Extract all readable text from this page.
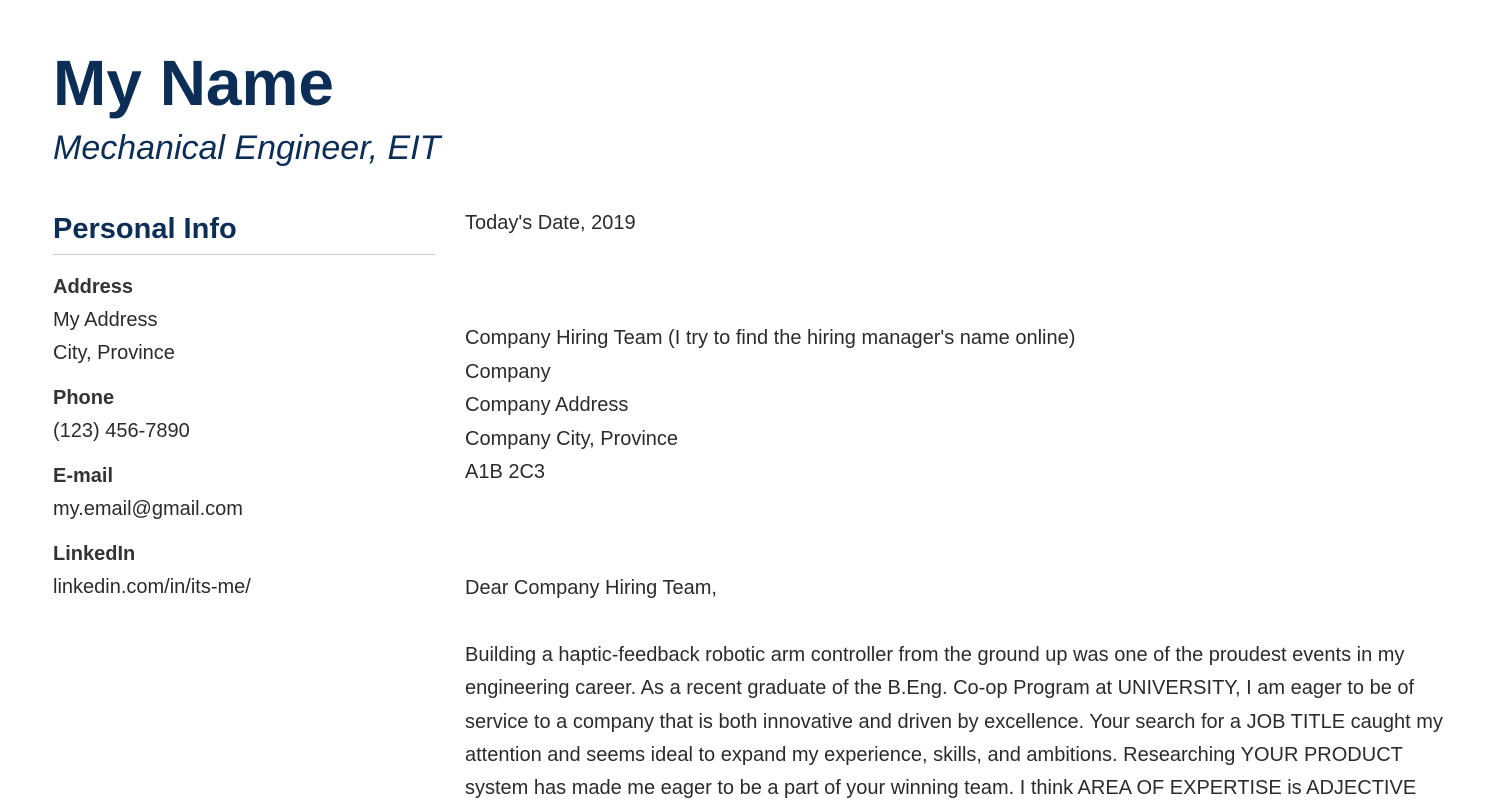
My Name
Mechanical Engineer, EIT
Personal Info

Address

My Address

City, Province

Phone

(123) 456-7890

E-mail

my.email@gmail.com

LinkedIn

linkedin.com/in/its-me/

Today's Date, 2019

Company Hiring Team (I try to find the hiring manager's name online)

Company

Company Address

Company City, Province

A1B 2C3

Dear Company Hiring Team,

Building a haptic-feedback robotic arm controller from the ground up was one of the proudest events in my engineering career. As a recent graduate of the B.Eng. Co-op Program at UNIVERSITY, I am eager to be of service to a company that is both innovative and driven by excellence. Your search for a JOB TITLE caught my attention and seems ideal to expand my experience, skills, and ambitions. Researching YOUR PRODUCT system has made me eager to be a part of your winning team. I think AREA OF EXPERTISE is ADJECTIVE
